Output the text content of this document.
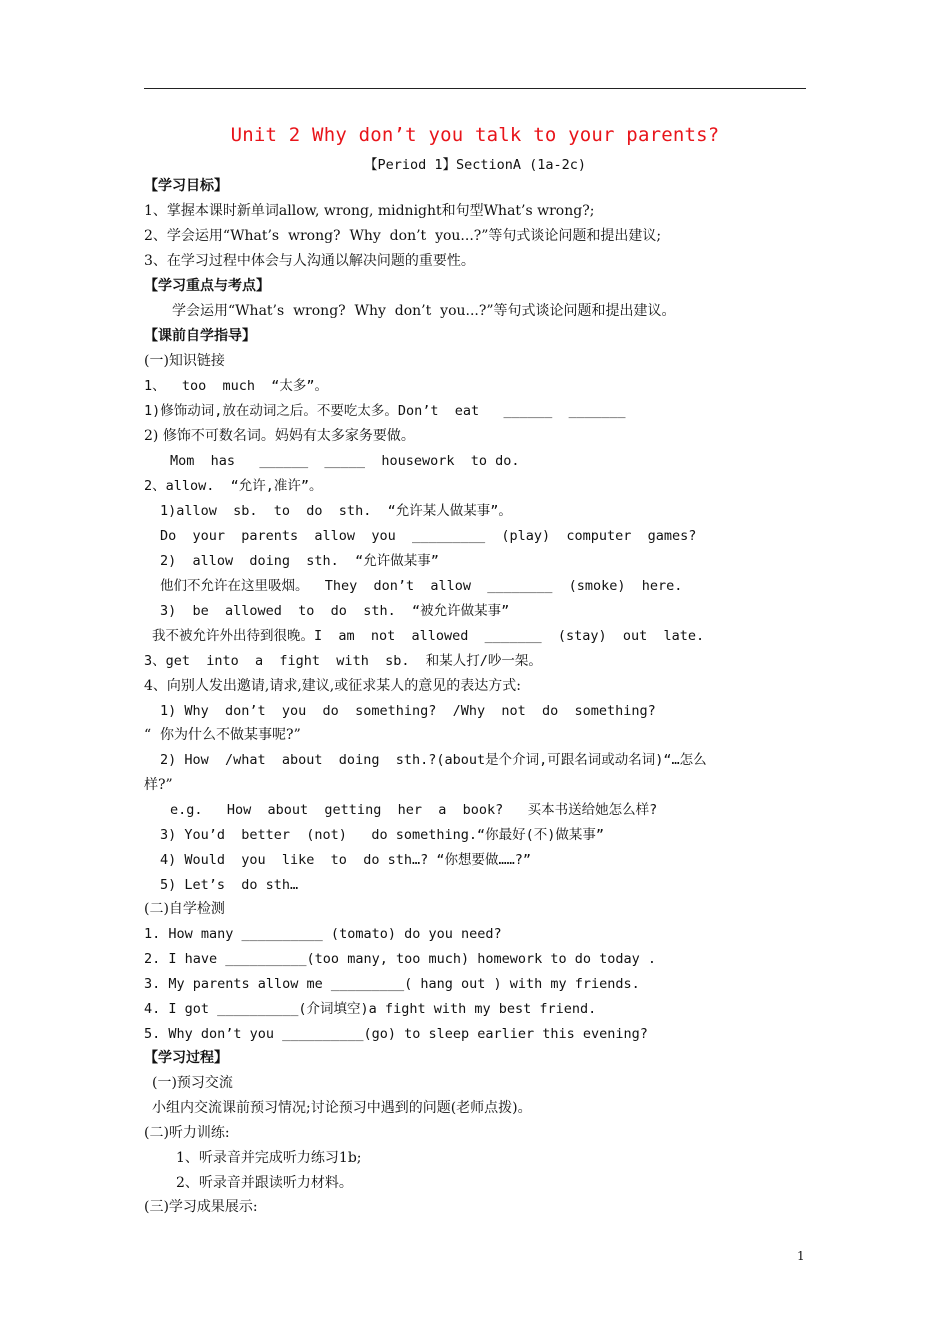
Unit 2 Why don’t you talk to your parents?
【Period 1】SectionA (1a-2c)
【学习目标】
1、掌握本课时新单词allow, wrong, midnight和句型What’s wrong?;
2、学会运用“What’s  wrong?  Why  don’t  you...?”等句式谈论问题和提出建议;
3、在学习过程中体会与人沟通以解决问题的重要性。
【学习重点与考点】
学会运用“What’s  wrong?  Why  don’t  you...?”等句式谈论问题和提出建议。
【课前自学指导】
(一)知识链接
1、  too  much  “太多”。
1)修饰动词,放在动词之后。不要吃太多。Don’t  eat   ______  _______
2) 修饰不可数名词。妈妈有太多家务要做。
Mom  has   ______  _____  housework  to do.
2、allow.  “允许,准许”。
1)allow  sb.  to  do  sth.  “允许某人做某事”。
Do  your  parents  allow  you  _________  (play)  computer  games?
2)  allow  doing  sth.  “允许做某事”
他们不允许在这里吸烟。  They  don’t  allow  ________  (smoke)  here.
3)  be  allowed  to  do  sth.  “被允许做某事”
我不被允许外出待到很晚。I  am  not  allowed  _______  (stay)  out  late.
3、get  into  a  fight  with  sb.  和某人打/吵一架。
4、向别人发出邀请,请求,建议,或征求某人的意见的表达方式:
1) Why  don’t  you  do  something?  /Why  not  do  something?
“  你为什么不做某事呢?”
2) How  /what  about  doing  sth.?(about是个介词,可跟名词或动名词)“…怎么
样?”
e.g.   How  about  getting  her  a  book?   买本书送给她怎么样?
3) You’d  better  (not)   do something.“你最好(不)做某事”
4) Would  you  like  to  do sth…? “你想要做……?”
5) Let’s  do sth…
(二)自学检测
1. How many __________ (tomato) do you need?
2. I have __________(too many, too much) homework to do today .
3. My parents allow me _________( hang out ) with my friends.
4. I got __________(介词填空)a fight with my best friend.
5. Why don’t you __________(go) to sleep earlier this evening?
【学习过程】
(一)预习交流
小组内交流课前预习情况;讨论预习中遇到的问题(老师点拨)。
(二)听力训练:
1、听录音并完成听力练习1b;
2、听录音并跟读听力材料。
(三)学习成果展示:
1
